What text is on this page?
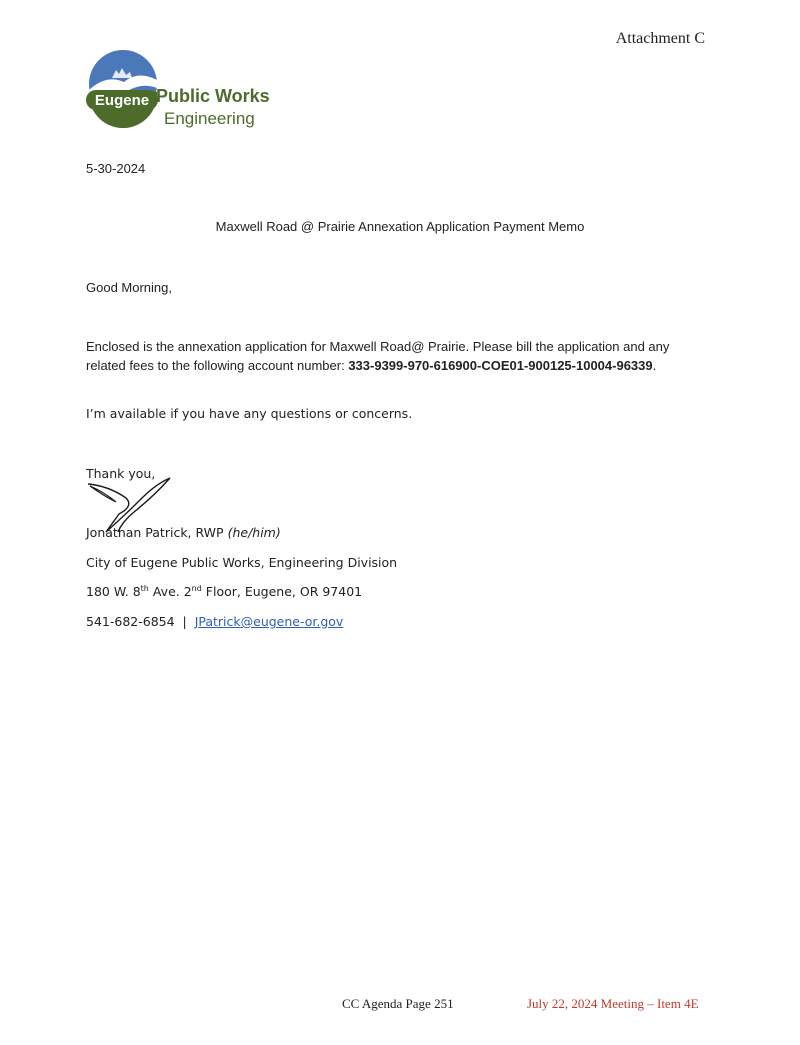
Attachment C
Eugene Public Works
Engineering
5-30-2024
Maxwell Road @ Prairie Annexation Application Payment Memo
Good Morning,
Enclosed is the annexation application for Maxwell Road@ Prairie. Please bill the application and any related fees to the following account number: 333-9399-970-616900-COE01-900125-10004-96339.
I’m available if you have any questions or concerns.
Thank you,
Jonathan Patrick, RWP (he/him)
City of Eugene Public Works, Engineering Division
180 W. 8th Ave. 2nd Floor, Eugene, OR 97401
541-682-6854 | JPatrick@eugene-or.gov
CC Agenda Page 251	July 22, 2024 Meeting – Item 4E
